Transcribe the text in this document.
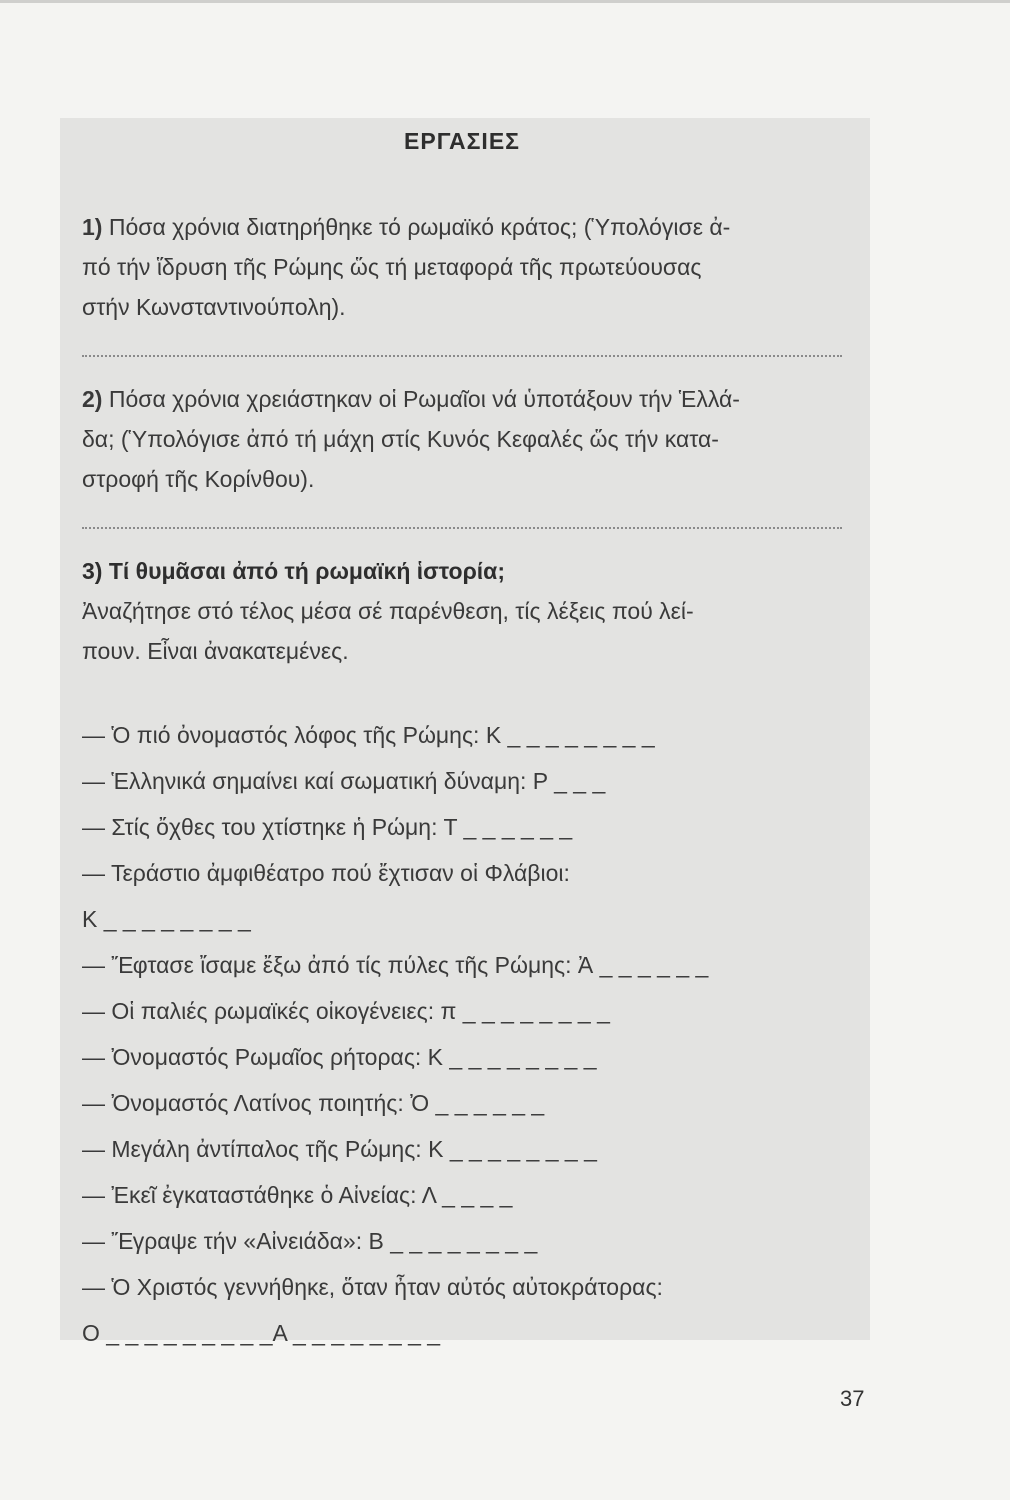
ΕΡΓΑΣΙΕΣ

1) Πόσα χρόνια διατηρήθηκε τό ρωμαϊκό κράτος; (Ὑπολόγισε ἀ-

πό τήν ἵδρυση τῆς Ρώμης ὥς τή μεταφορά τῆς πρωτεύουσας

στήν Κωνσταντινούπολη).

2) Πόσα χρόνια χρειάστηκαν οἱ Ρωμαῖοι νά ὑποτάξουν τήν Ἑλλά-

δα; (Ὑπολόγισε ἀπό τή μάχη στίς Κυνός Κεφαλές ὥς τήν κατα-

στροφή τῆς Κορίνθου).

3) Τί θυμᾶσαι ἀπό τή ρωμαϊκή ἱστορία;

Ἀναζήτησε στό τέλος μέσα σέ παρένθεση, τίς λέξεις πού λεί-

πουν. Εἶναι ἀνακατεμένες.

— Ὁ πιό ὀνομαστός λόφος τῆς Ρώμης: Κ _ _ _ _ _ _ _ _

— Ἑλληνικά σημαίνει καί σωματική δύναμη: Ρ _ _ _

— Στίς ὄχθες του χτίστηκε ἡ Ρώμη: Τ _ _ _ _ _ _

— Τεράστιο ἀμφιθέατρο πού ἔχτισαν οἱ Φλάβιοι:

Κ _ _ _ _ _ _ _ _

— Ἔφτασε ἴσαμε ἔξω ἀπό τίς πύλες τῆς Ρώμης: Ἀ _ _ _ _ _ _

— Οἱ παλιές ρωμαϊκές οἰκογένειες: π _ _ _ _ _ _ _ _

— Ὀνομαστός Ρωμαῖος ρήτορας: Κ _ _ _ _ _ _ _ _

— Ὀνομαστός Λατίνος ποιητής: Ὀ _ _ _ _ _ _

— Μεγάλη ἀντίπαλος τῆς Ρώμης: Κ _ _ _ _ _ _ _ _

— Ἐκεῖ ἐγκαταστάθηκε ὁ Αἰνείας: Λ _ _ _ _

— Ἔγραψε τήν «Αἰνειάδα»: Β _ _ _ _ _ _ _ _

— Ὁ Χριστός γεννήθηκε, ὅταν ἦταν αὐτός αὐτοκράτορας:

Ο _ _ _ _ _ _ _ _ _Α _ _ _ _ _ _ _ _

37
